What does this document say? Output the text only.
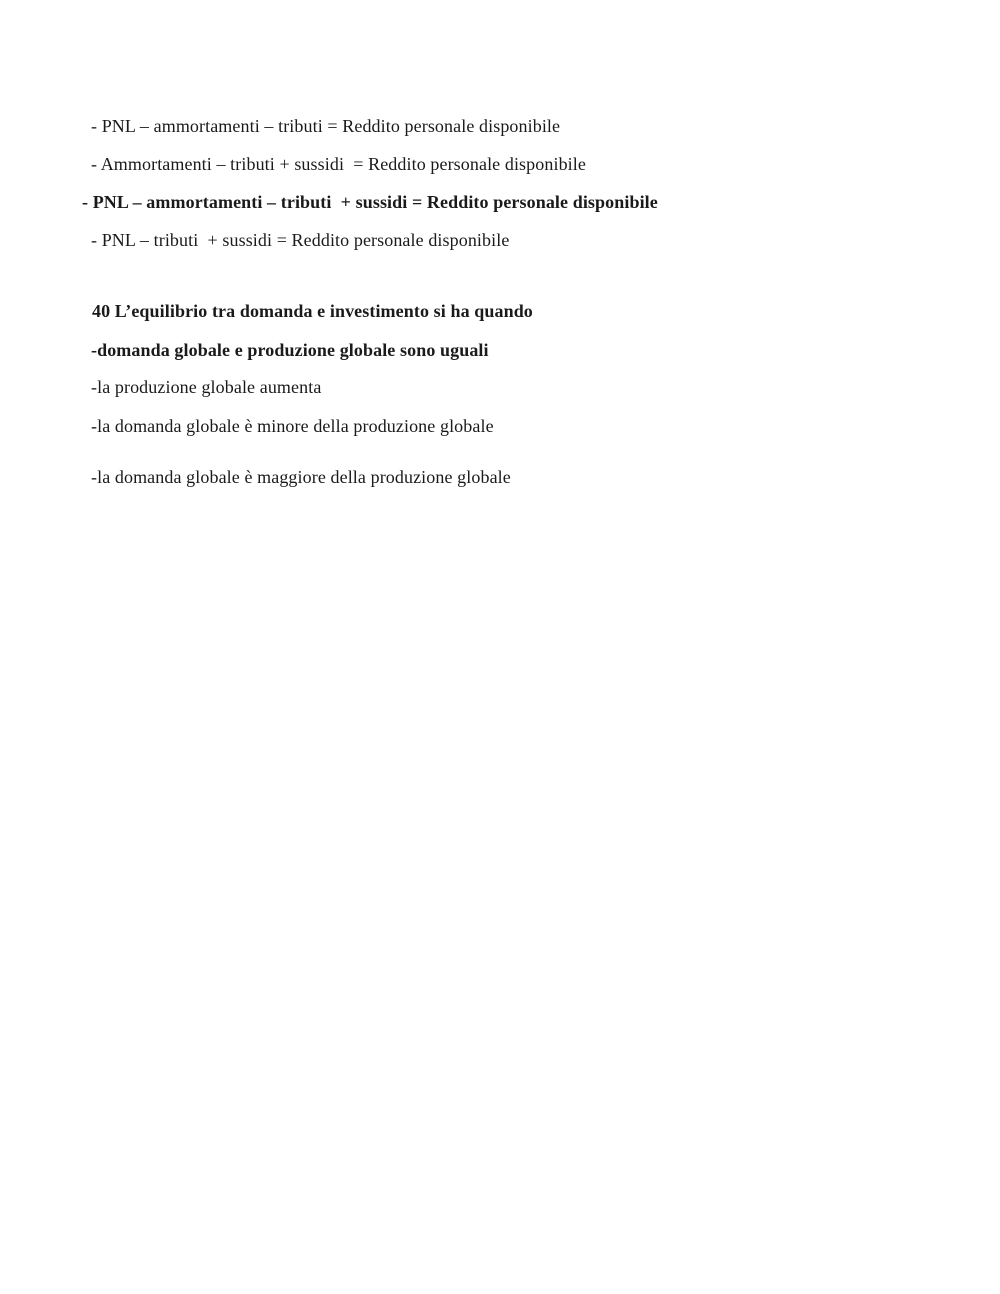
- PNL – ammortamenti – tributi = Reddito personale disponibile
- Ammortamenti – tributi + sussidi  = Reddito personale disponibile
- PNL – ammortamenti – tributi  + sussidi = Reddito personale disponibile
- PNL – tributi  + sussidi = Reddito personale disponibile
40 L’equilibrio tra domanda e investimento si ha quando
-domanda globale e produzione globale sono uguali
-la produzione globale aumenta
-la domanda globale è minore della produzione globale
-la domanda globale è maggiore della produzione globale
